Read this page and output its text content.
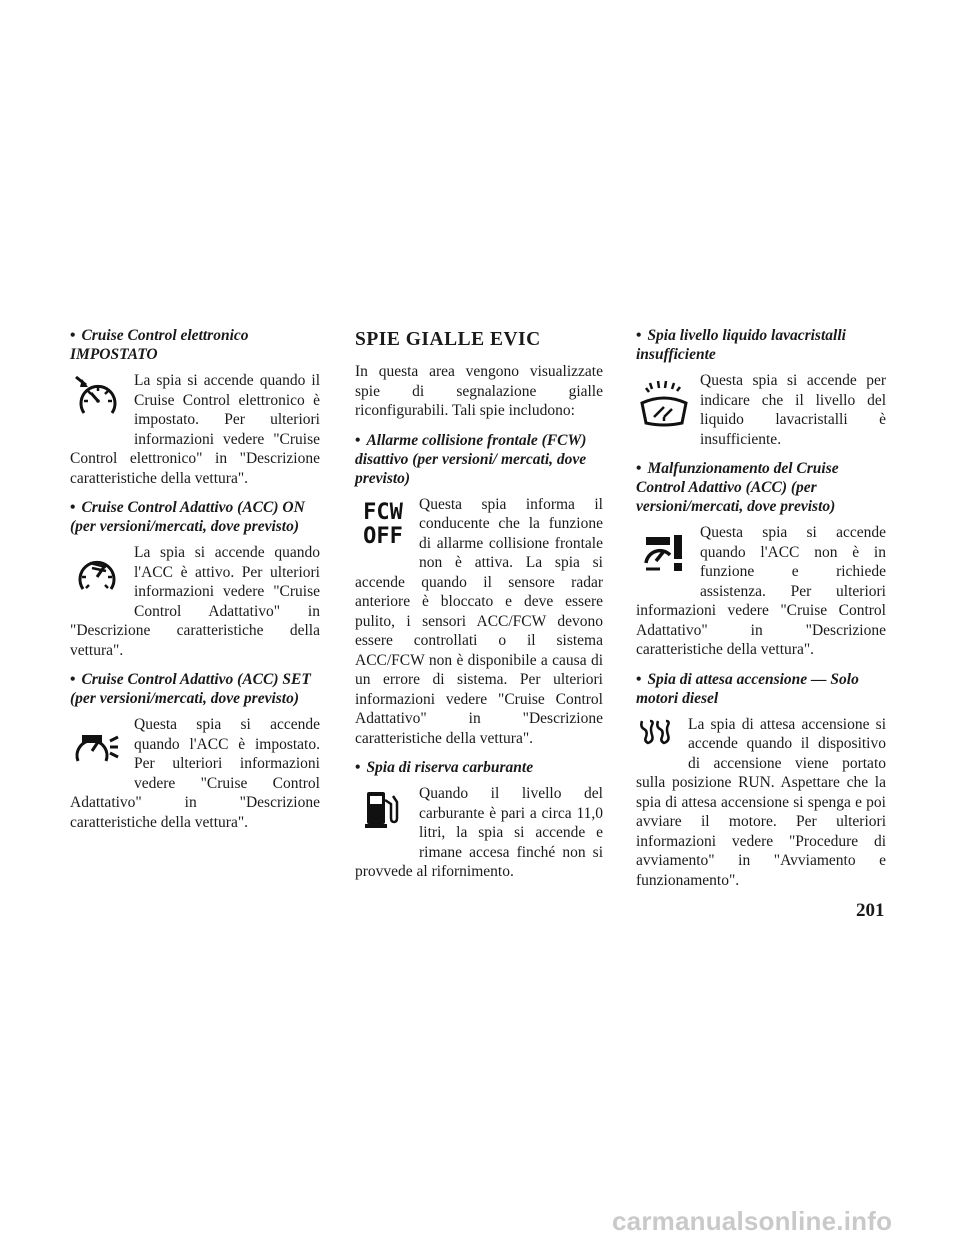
• Cruise Control elettronico IMPOSTATO

La spia si accende quando il Cruise Control elettronico è impostato. Per ulteriori informazioni vedere "Cruise Control elettronico" in "Descrizione caratteristiche della vettura".

• Cruise Control Adattivo (ACC) ON (per versioni/mercati, dove previsto)

La spia si accende quando l'ACC è attivo. Per ulteriori informazioni vedere "Cruise Control Adattativo" in "Descrizione caratteristiche della vettura".

• Cruise Control Adattivo (ACC) SET (per versioni/mercati, dove previsto)

Questa spia si accende quando l'ACC è impostato. Per ulteriori informazioni vedere "Cruise Control Adattativo" in "Descrizione caratteristiche della vettura".

SPIE GIALLE EVIC

In questa area vengono visualizzate spie di segnalazione gialle riconfigurabili. Tali spie includono:

• Allarme collisione frontale (FCW) disattivo (per versioni/ mercati, dove previsto)

FCW
OFF
Questa spia informa il conducente che la funzione di allarme collisione frontale non è attiva. La spia si accende quando il sensore radar anteriore è bloccato e deve essere pulito, i sensori ACC/FCW devono essere controllati o il sistema ACC/FCW non è disponibile a causa di un errore di sistema. Per ulteriori informazioni vedere "Cruise Control Adattativo" in "Descrizione caratteristiche della vettura".

• Spia di riserva carburante

Quando il livello del carburante è pari a circa 11,0 litri, la spia si accende e rimane accesa finché non si provvede al rifornimento.

• Spia livello liquido lavacristalli insufficiente

Questa spia si accende per indicare che il livello del liquido lavacristalli è insufficiente.

• Malfunzionamento del Cruise Control Adattivo (ACC) (per versioni/mercati, dove previsto)

Questa spia si accende quando l'ACC non è in funzione e richiede assistenza. Per ulteriori informazioni vedere "Cruise Control Adattativo" in "Descrizione caratteristiche della vettura".

• Spia di attesa accensione — Solo motori diesel

La spia di attesa accensione si accende quando il dispositivo di accensione viene portato sulla posizione RUN. Aspettare che la spia di attesa accensione si spenga e poi avviare il motore. Per ulteriori informazioni vedere "Procedure di avviamento" in "Avviamento e funzionamento".

201
carmanualsonline.info
